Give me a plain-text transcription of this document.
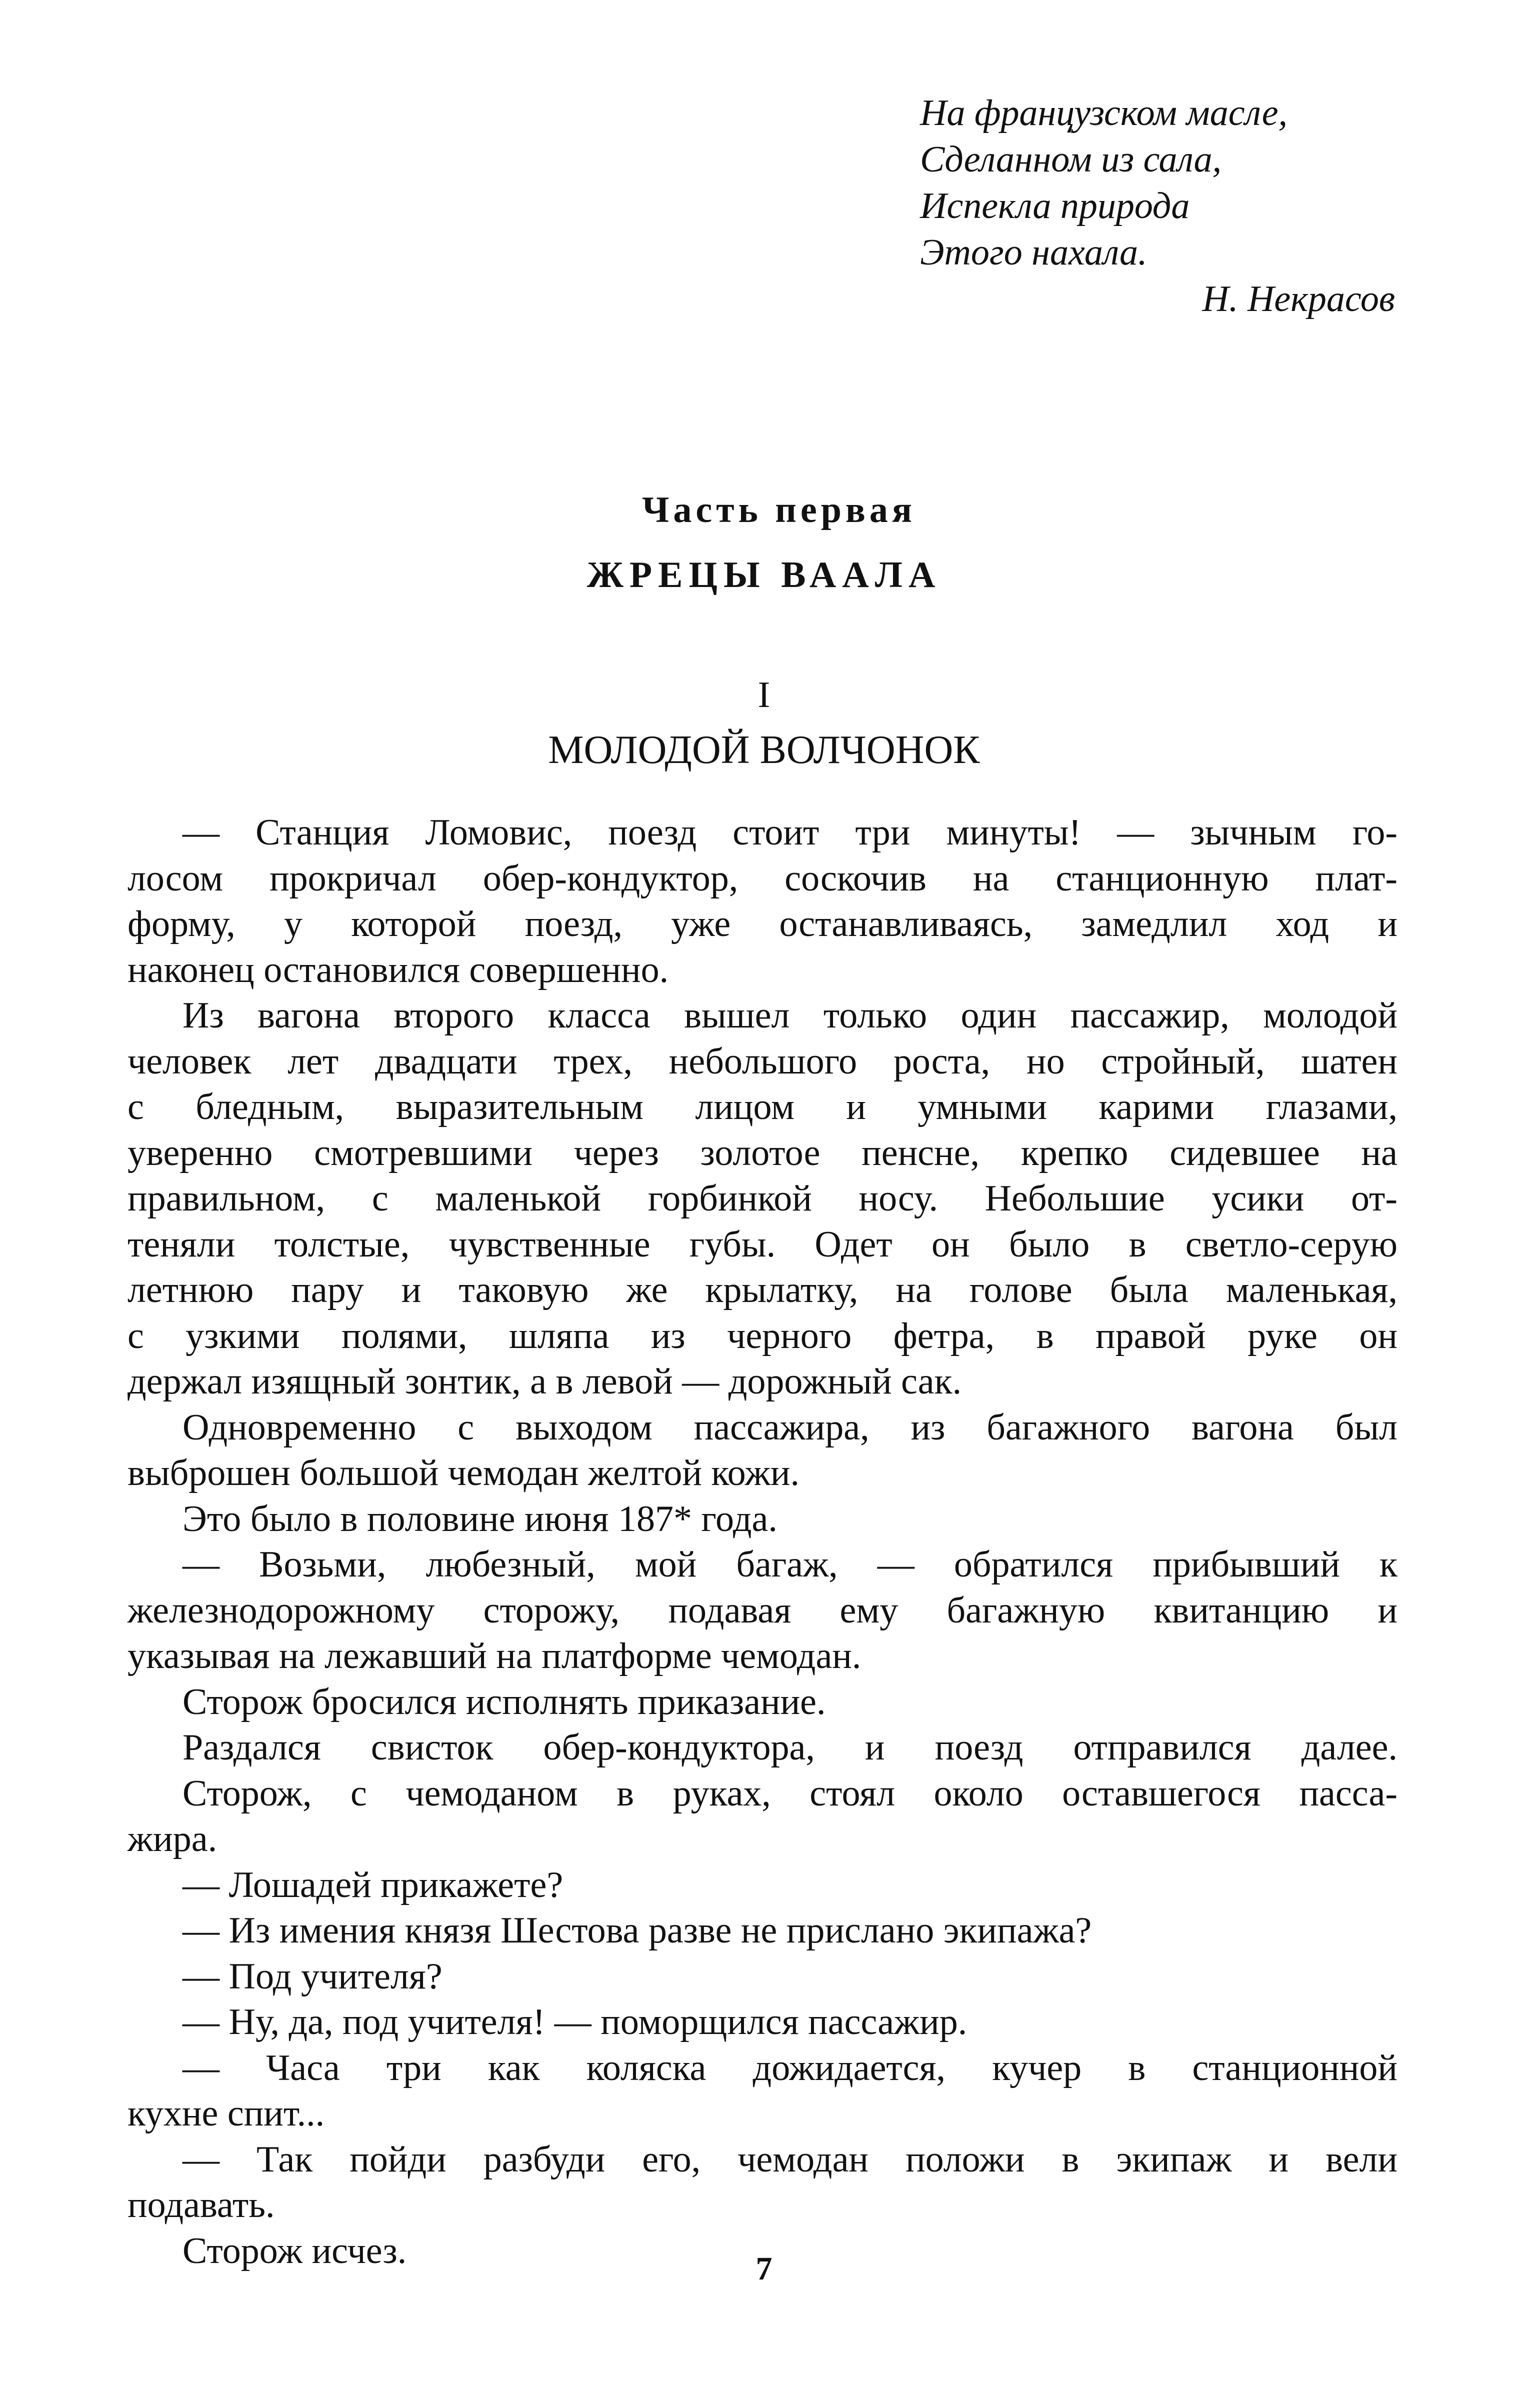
На французском масле,
Сделанном из сала,
Испекла природа
Этого нахала.
Н. Некрасов
Часть первая
ЖРЕЦЫ ВААЛА
I
МОЛОДОЙ ВОЛЧОНОК
— Станция Ломовис, поезд стоит три минуты! — зычным го-
лосом прокричал обер-кондуктор, соскочив на станционную плат-
форму, у которой поезд, уже останавливаясь, замедлил ход и
наконец остановился совершенно.
Из вагона второго класса вышел только один пассажир, молодой
человек лет двадцати трех, небольшого роста, но стройный, шатен
с бледным, выразительным лицом и умными карими глазами,
уверенно смотревшими через золотое пенсне, крепко сидевшее на
правильном, с маленькой горбинкой носу. Небольшие усики от-
теняли толстые, чувственные губы. Одет он было в светло-серую
летнюю пару и таковую же крылатку, на голове была маленькая,
с узкими полями, шляпа из черного фетра, в правой руке он
держал изящный зонтик, а в левой — дорожный сак.
Одновременно с выходом пассажира, из багажного вагона был
выброшен большой чемодан желтой кожи.
Это было в половине июня 187* года.
— Возьми, любезный, мой багаж, — обратился прибывший к
железнодорожному сторожу, подавая ему багажную квитанцию и
указывая на лежавший на платформе чемодан.
Сторож бросился исполнять приказание.
Раздался свисток обер-кондуктора, и поезд отправился далее.
Сторож, с чемоданом в руках, стоял около оставшегося пасса-
жира.
— Лошадей прикажете?
— Из имения князя Шестова разве не прислано экипажа?
— Под учителя?
— Ну, да, под учителя! — поморщился пассажир.
— Часа три как коляска дожидается, кучер в станционной
кухне спит...
— Так пойди разбуди его, чемодан положи в экипаж и вели
подавать.
Сторож исчез.	7
